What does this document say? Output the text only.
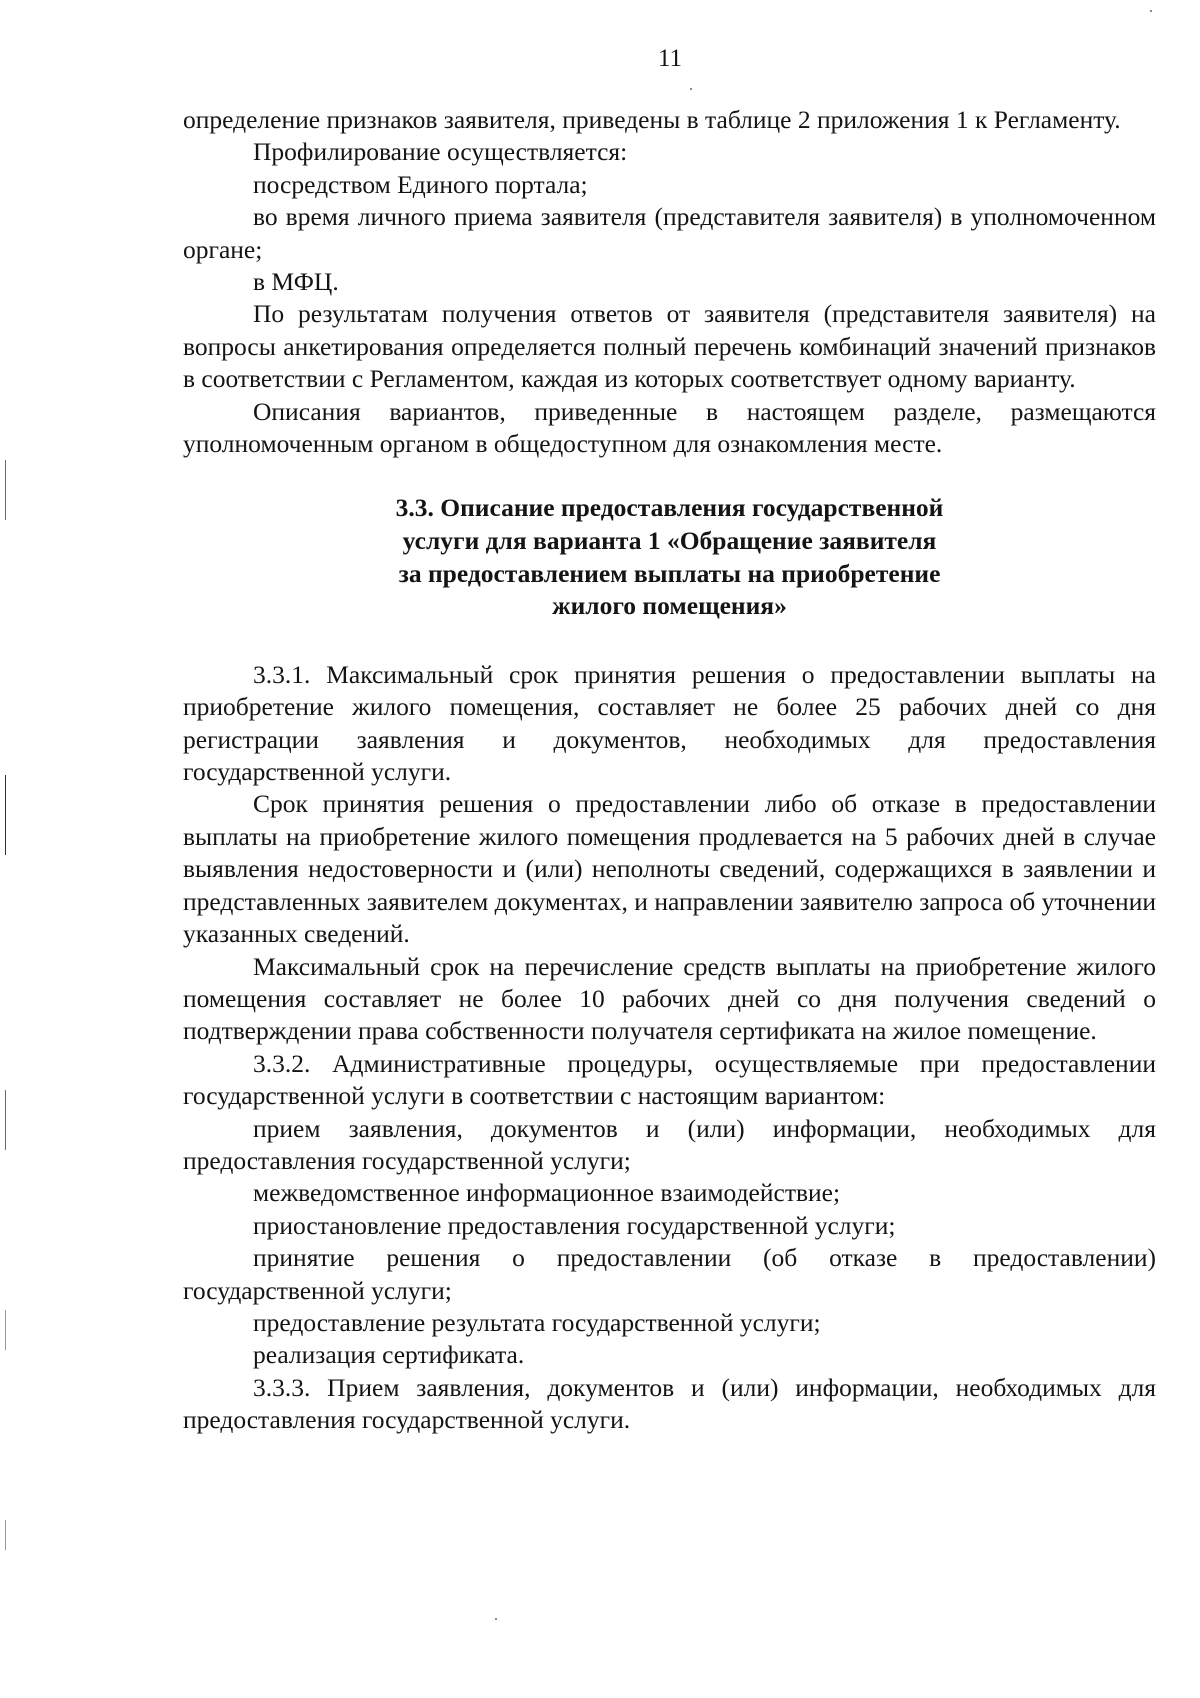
11

определение признаков заявителя, приведены в таблице 2 приложения 1 к Регламенту.

Профилирование осуществляется:

посредством Единого портала;

во время личного приема заявителя (представителя заявителя) в уполномоченном органе;

в МФЦ.

По результатам получения ответов от заявителя (представителя заявителя) на вопросы анкетирования определяется полный перечень комбинаций значений признаков в соответствии с Регламентом, каждая из которых соответствует одному варианту.

Описания вариантов, приведенные в настоящем разделе, размещаются уполномоченным органом в общедоступном для ознакомления месте.

3.3. Описание предоставления государственной
услуги для варианта 1 «Обращение заявителя
за предоставлением выплаты на приобретение
жилого помещения»

3.3.1. Максимальный срок принятия решения о предоставлении выплаты на приобретение жилого помещения, составляет не более 25 рабочих дней со дня регистрации заявления и документов, необходимых для предоставления государственной услуги.

Срок принятия решения о предоставлении либо об отказе в предоставлении выплаты на приобретение жилого помещения продлевается на 5 рабочих дней в случае выявления недостоверности и (или) неполноты сведений, содержащихся в заявлении и представленных заявителем документах, и направлении заявителю запроса об уточнении указанных сведений.

Максимальный срок на перечисление средств выплаты на приобретение жилого помещения составляет не более 10 рабочих дней со дня получения сведений о подтверждении права собственности получателя сертификата на жилое помещение.

3.3.2. Административные процедуры, осуществляемые при предоставлении государственной услуги в соответствии с настоящим вариантом:

прием заявления, документов и (или) информации, необходимых для предоставления государственной услуги;

межведомственное информационное взаимодействие;

приостановление предоставления государственной услуги;

принятие решения о предоставлении (об отказе в предоставлении) государственной услуги;

предоставление результата государственной услуги;

реализация сертификата.

3.3.3. Прием заявления, документов и (или) информации, необходимых для предоставления государственной услуги.
